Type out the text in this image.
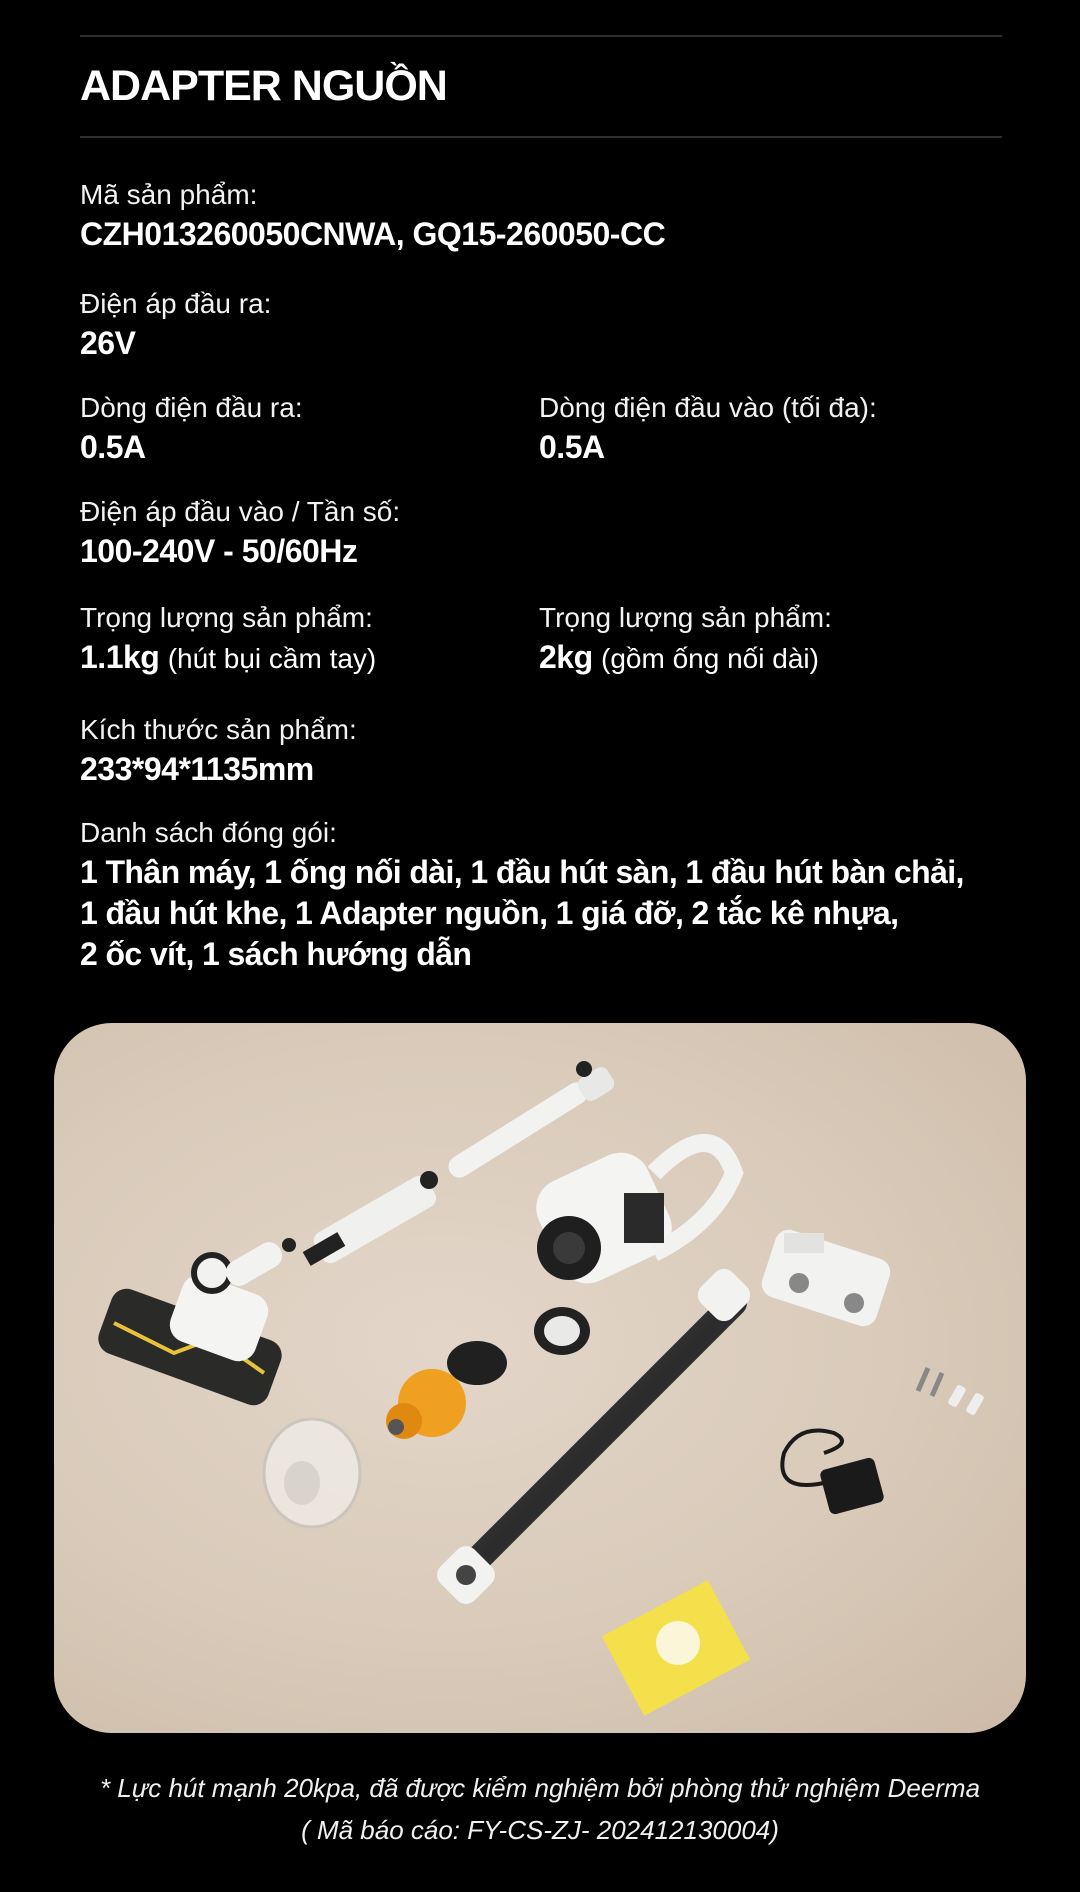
ADAPTER NGUỒN
Mã sản phẩm:
CZH013260050CNWA, GQ15-260050-CC
Điện áp đầu ra:
26V
Dòng điện đầu ra:
0.5A
Dòng điện đầu vào (tối đa):
0.5A
Điện áp đầu vào / Tần số:
100-240V - 50/60Hz
Trọng lượng sản phẩm:
1.1kg (hút bụi cầm tay)
Trọng lượng sản phẩm:
2kg (gồm ống nối dài)
Kích thước sản phẩm:
233*94*1135mm
Danh sách đóng gói:
1 Thân máy, 1 ống nối dài, 1 đầu hút sàn, 1 đầu hút bàn chải,
1 đầu hút khe, 1 Adapter nguồn, 1 giá đỡ, 2 tắc kê nhựa,
2 ốc vít, 1 sách hướng dẫn
* Lực hút mạnh 20kpa, đã được kiểm nghiệm bởi phòng thử nghiệm Deerma
( Mã báo cáo: FY-CS-ZJ- 202412130004)
